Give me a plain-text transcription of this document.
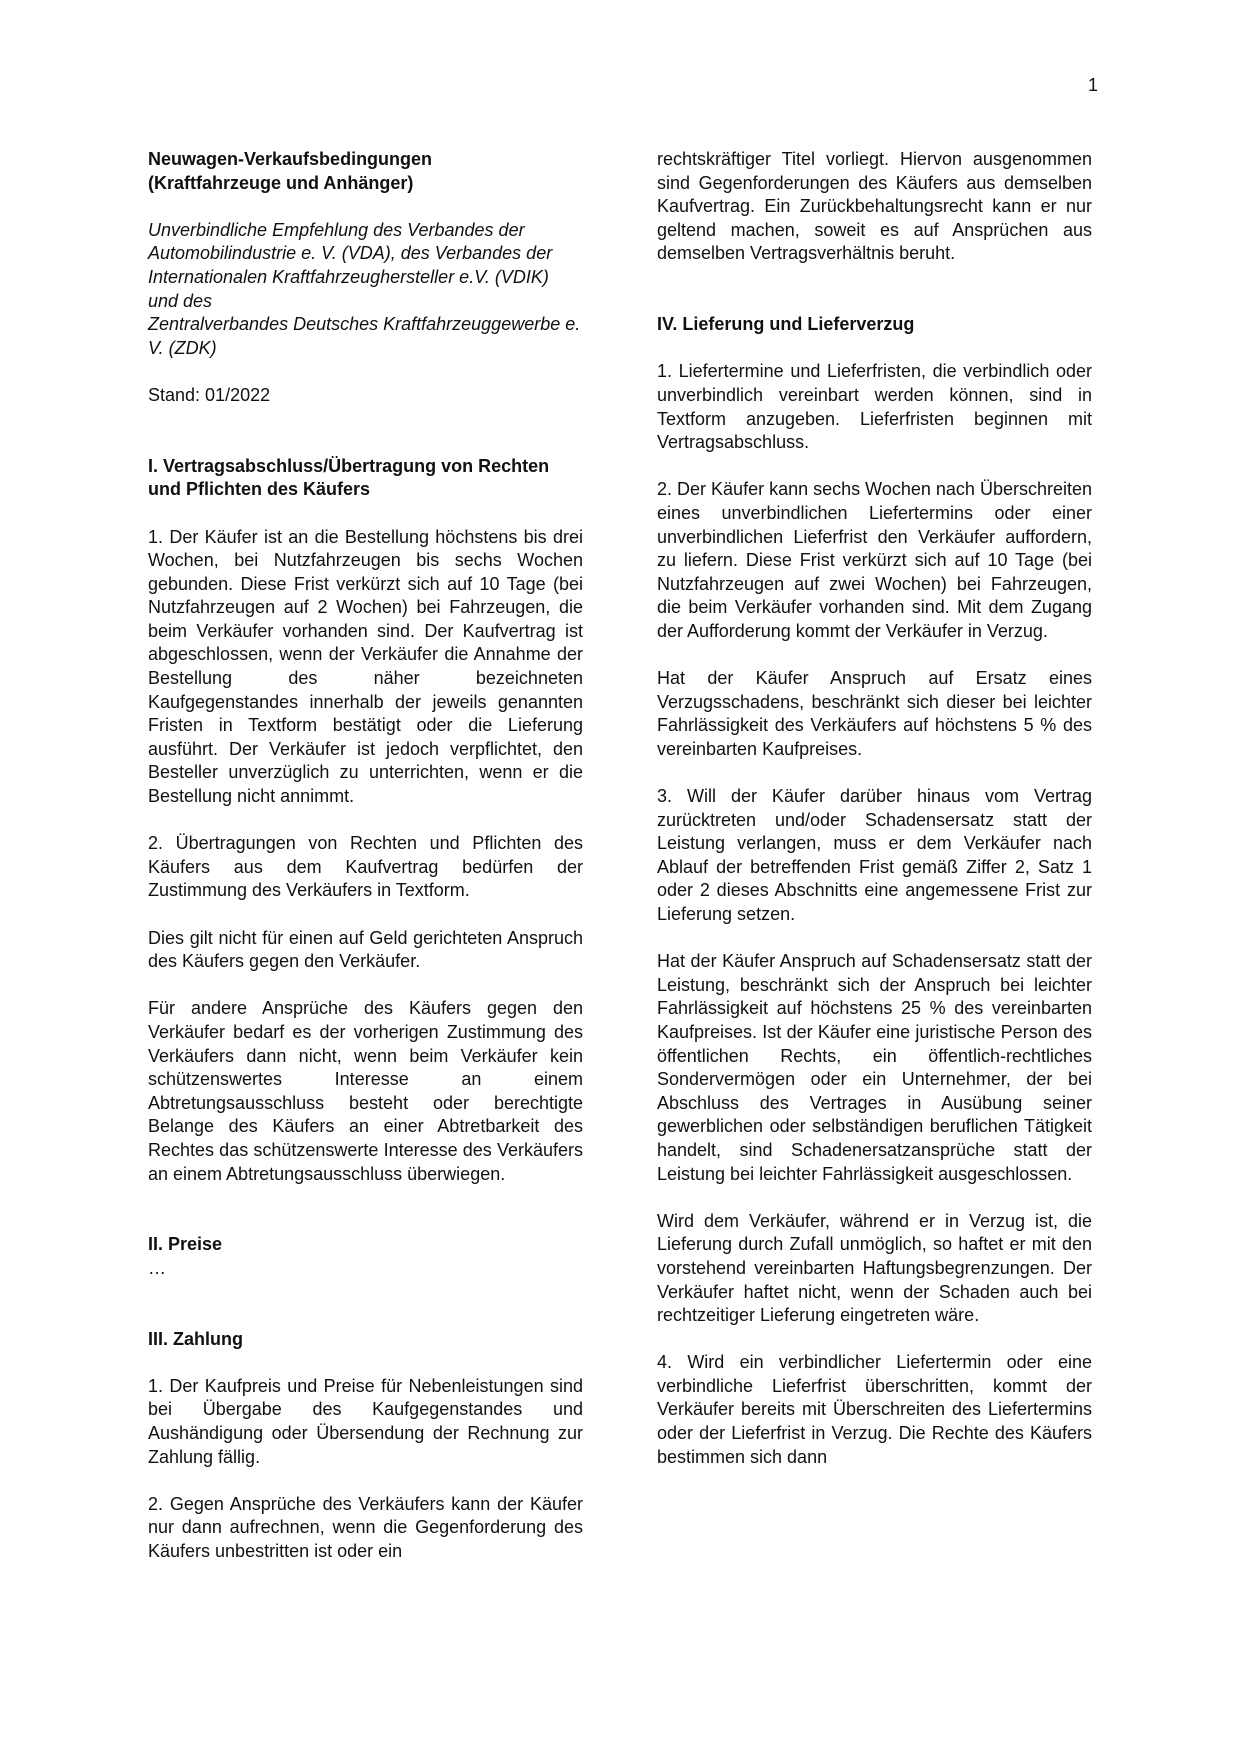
1

Neuwagen-Verkaufsbedingungen
(Kraftfahrzeuge und Anhänger)

Unverbindliche Empfehlung des Verbandes der Automobilindustrie e. V. (VDA), des Verbandes der Internationalen Kraftfahrzeughersteller e.V. (VDIK) und des
Zentralverbandes Deutsches Kraftfahrzeuggewerbe e. V. (ZDK)

Stand: 01/2022

I. Vertragsabschluss/Übertragung von Rechten und Pflichten des Käufers

1. Der Käufer ist an die Bestellung höchstens bis drei Wochen, bei Nutzfahrzeugen bis sechs Wochen gebunden. Diese Frist verkürzt sich auf 10 Tage (bei Nutzfahrzeugen auf 2 Wochen) bei Fahrzeugen, die beim Verkäufer vorhanden sind. Der Kaufvertrag ist abgeschlossen, wenn der Verkäufer die Annahme der Bestellung des näher bezeichneten Kaufgegenstandes innerhalb der jeweils genannten Fristen in Textform bestätigt oder die Lieferung ausführt. Der Verkäufer ist jedoch verpflichtet, den Besteller unverzüglich zu unterrichten, wenn er die Bestellung nicht annimmt.

2. Übertragungen von Rechten und Pflichten des Käufers aus dem Kaufvertrag bedürfen der Zustimmung des Verkäufers in Textform.

Dies gilt nicht für einen auf Geld gerichteten Anspruch des Käufers gegen den Verkäufer.

Für andere Ansprüche des Käufers gegen den Verkäufer bedarf es der vorherigen Zustimmung des Verkäufers dann nicht, wenn beim Verkäufer kein schützenswertes Interesse an einem Abtretungsausschluss besteht oder berechtigte Belange des Käufers an einer Abtretbarkeit des Rechtes das schützenswerte Interesse des Verkäufers an einem Abtretungsausschluss überwiegen.

II. Preise

…

III. Zahlung

1. Der Kaufpreis und Preise für Nebenleistungen sind bei Übergabe des Kaufgegenstandes und Aushändigung oder Übersendung der Rechnung zur Zahlung fällig.

2. Gegen Ansprüche des Verkäufers kann der Käufer nur dann aufrechnen, wenn die Gegenforderung des Käufers unbestritten ist oder ein

rechtskräftiger Titel vorliegt. Hiervon ausgenommen sind Gegenforderungen des Käufers aus demselben Kaufvertrag. Ein Zurückbehaltungsrecht kann er nur geltend machen, soweit es auf Ansprüchen aus demselben Vertragsverhältnis beruht.

IV. Lieferung und Lieferverzug

1. Liefertermine und Lieferfristen, die verbindlich oder unverbindlich vereinbart werden können, sind in Textform anzugeben. Lieferfristen beginnen mit Vertragsabschluss.

2. Der Käufer kann sechs Wochen nach Überschreiten eines unverbindlichen Liefertermins oder einer unverbindlichen Lieferfrist den Verkäufer auffordern, zu liefern. Diese Frist verkürzt sich auf 10 Tage (bei Nutzfahrzeugen auf zwei Wochen) bei Fahrzeugen, die beim Verkäufer vorhanden sind. Mit dem Zugang der Aufforderung kommt der Verkäufer in Verzug.

Hat der Käufer Anspruch auf Ersatz eines Verzugsschadens, beschränkt sich dieser bei leichter Fahrlässigkeit des Verkäufers auf höchstens 5 % des vereinbarten Kaufpreises.

3. Will der Käufer darüber hinaus vom Vertrag zurücktreten und/oder Schadensersatz statt der Leistung verlangen, muss er dem Verkäufer nach Ablauf der betreffenden Frist gemäß Ziffer 2, Satz 1 oder 2 dieses Abschnitts eine angemessene Frist zur Lieferung setzen.

Hat der Käufer Anspruch auf Schadensersatz statt der Leistung, beschränkt sich der Anspruch bei leichter Fahrlässigkeit auf höchstens 25 % des vereinbarten Kaufpreises. Ist der Käufer eine juristische Person des öffentlichen Rechts, ein öffentlich-rechtliches Sondervermögen oder ein Unternehmer, der bei Abschluss des Vertrages in Ausübung seiner gewerblichen oder selbständigen beruflichen Tätigkeit handelt, sind Schadenersatzansprüche statt der Leistung bei leichter Fahrlässigkeit ausgeschlossen.

Wird dem Verkäufer, während er in Verzug ist, die Lieferung durch Zufall unmöglich, so haftet er mit den vorstehend vereinbarten Haftungsbegrenzungen. Der Verkäufer haftet nicht, wenn der Schaden auch bei rechtzeitiger Lieferung eingetreten wäre.

4. Wird ein verbindlicher Liefertermin oder eine verbindliche Lieferfrist überschritten, kommt der Verkäufer bereits mit Überschreiten des Liefertermins oder der Lieferfrist in Verzug. Die Rechte des Käufers bestimmen sich dann
